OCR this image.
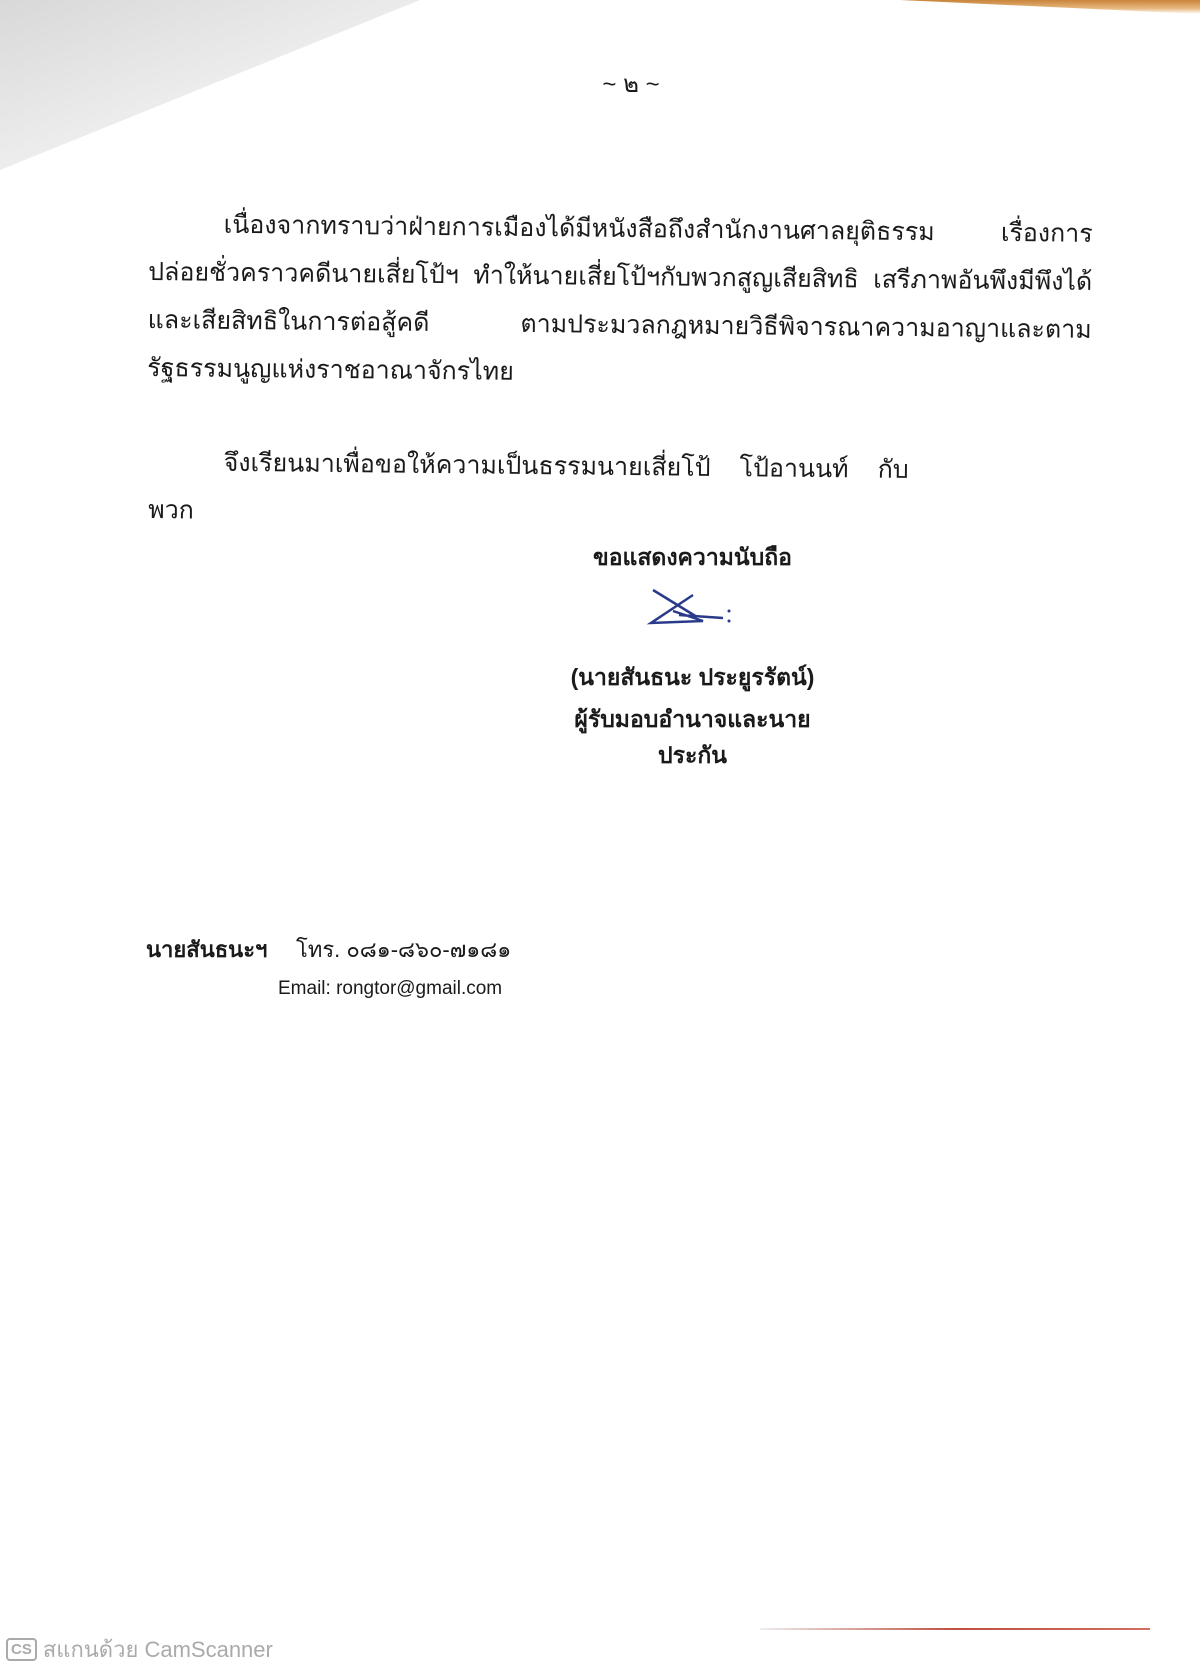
~ ๒ ~
เนื่องจากทราบว่าฝ่ายการเมืองได้มีหนังสือถึงสำนักงานศาลยุติธรรม เรื่องการปล่อยชั่วคราวคดีนายเสี่ยโป้ฯ ทำให้นายเสี่ยโป้ฯกับพวกสูญเสียสิทธิ เสรีภาพอันพึงมีพึงได้ และเสียสิทธิในการต่อสู้คดี ตามประมวลกฎหมายวิธีพิจารณาความอาญาและตามรัฐธรรมนูญแห่งราชอาณาจักรไทย
จึงเรียนมาเพื่อขอให้ความเป็นธรรมนายเสี่ยโป้ โป้อานนท์ กับพวก
ขอแสดงความนับถือ
(นายสันธนะ ประยูรรัตน์)
ผู้รับมอบอำนาจและนายประกัน
นายสันธนะฯ โทร. ๐๘๑-๘๖๐-๗๑๘๑
Email: rongtor@gmail.com
CS สแกนด้วย CamScanner
